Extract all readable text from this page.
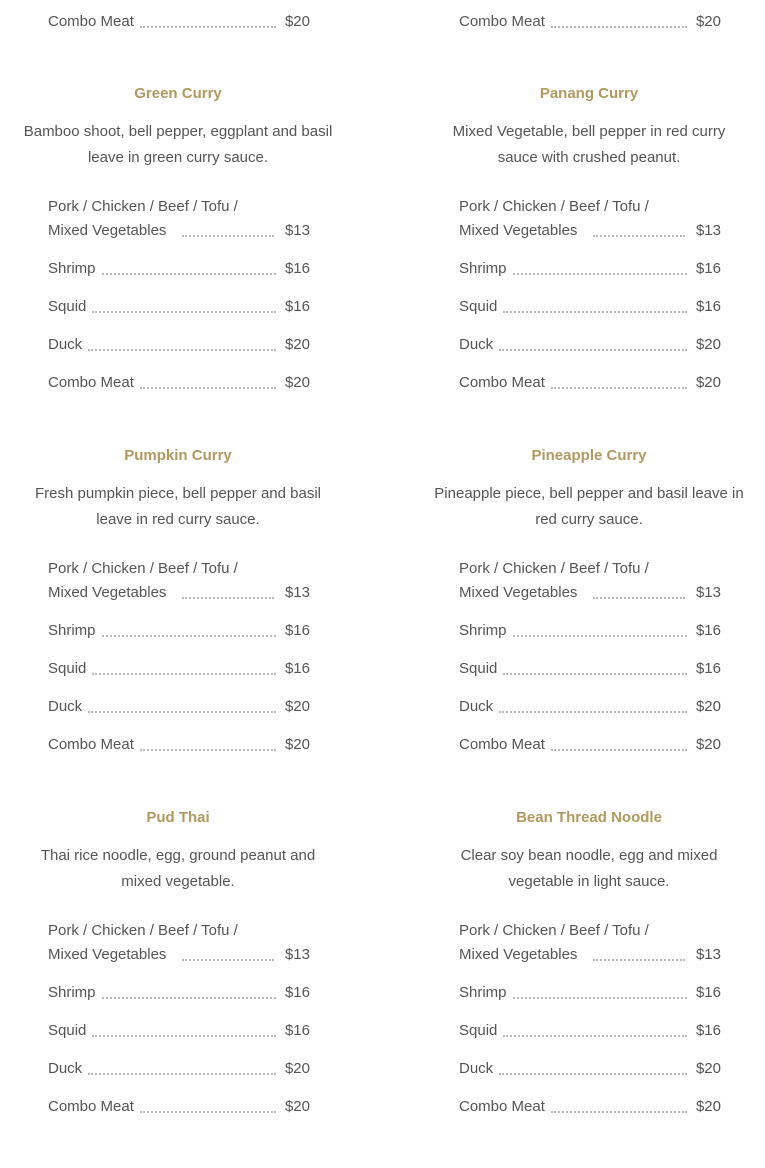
Combo Meat	$20	Combo Meat	$20
Green Curry
Bamboo shoot, bell pepper, eggplant and basil leave in green curry sauce.
Pork / Chicken / Beef / Tofu / Mixed Vegetables	$13
Shrimp	$16
Squid	$16
Duck	$20
Combo Meat	$20
Pumpkin Curry
Fresh pumpkin piece, bell pepper and basil leave in red curry sauce.
Pork / Chicken / Beef / Tofu / Mixed Vegetables	$13
Shrimp	$16
Squid	$16
Duck	$20
Combo Meat	$20
Pud Thai
Thai rice noodle, egg, ground peanut and mixed vegetable.
Pork / Chicken / Beef / Tofu / Mixed Vegetables	$13
Shrimp	$16
Squid	$16
Duck	$20
Combo Meat	$20
Panang Curry
Mixed Vegetable, bell pepper in red curry sauce with crushed peanut.
Pork / Chicken / Beef / Tofu / Mixed Vegetables	$13
Shrimp	$16
Squid	$16
Duck	$20
Combo Meat	$20
Pineapple Curry
Pineapple piece, bell pepper and basil leave in red curry sauce.
Pork / Chicken / Beef / Tofu / Mixed Vegetables	$13
Shrimp	$16
Squid	$16
Duck	$20
Combo Meat	$20
Bean Thread Noodle
Clear soy bean noodle, egg and mixed vegetable in light sauce.
Pork / Chicken / Beef / Tofu / Mixed Vegetables	$13
Shrimp	$16
Squid	$16
Duck	$20
Combo Meat	$20
